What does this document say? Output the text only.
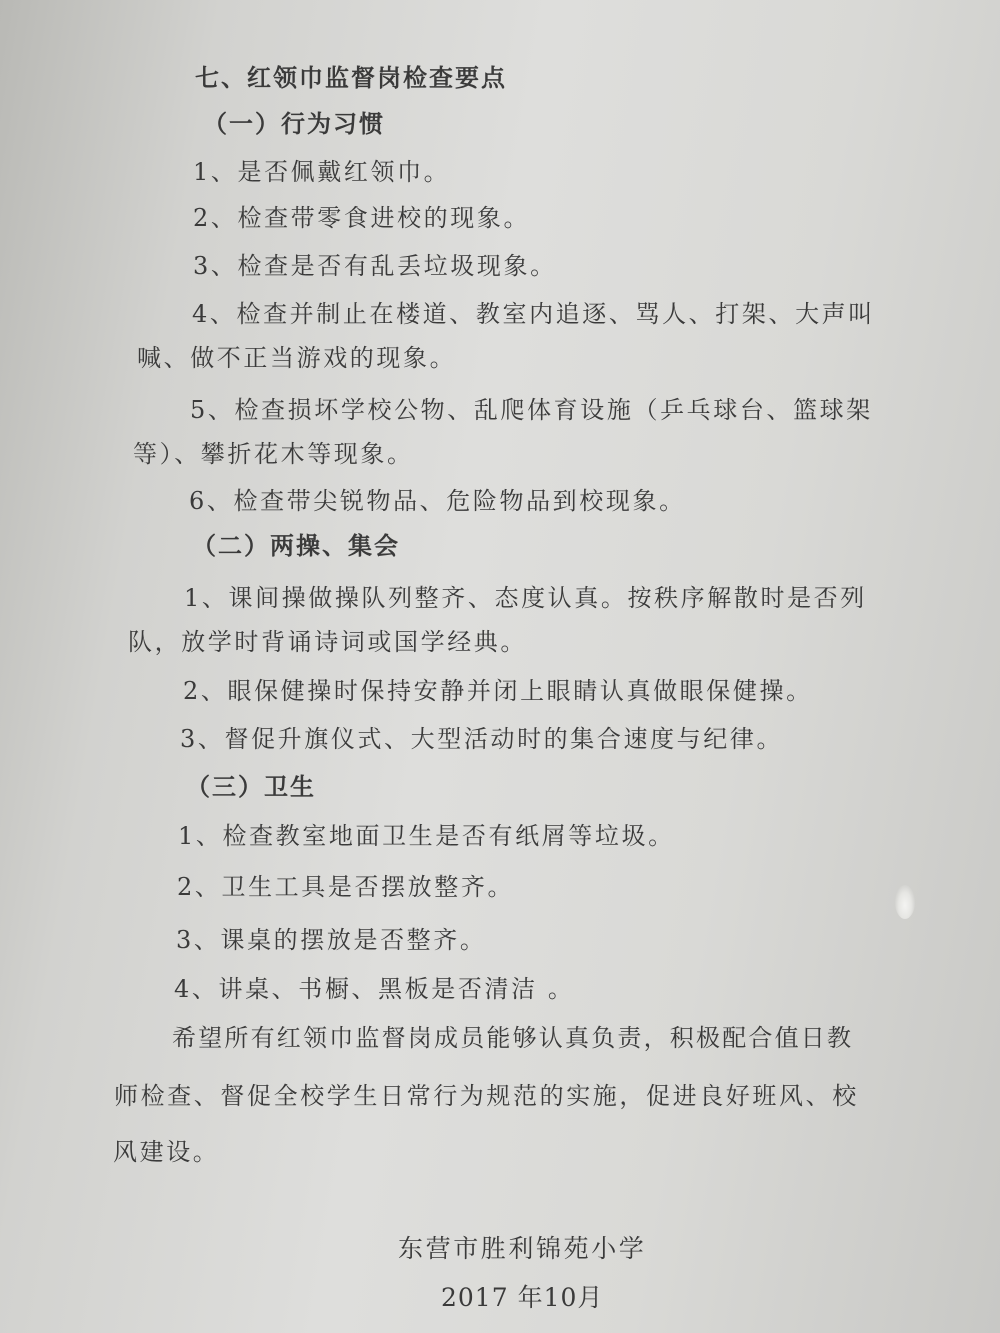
七、红领巾监督岗检查要点
（一）行为习惯
1、是否佩戴红领巾。
2、检查带零食进校的现象。
3、检查是否有乱丢垃圾现象。
4、检查并制止在楼道、教室内追逐、骂人、打架、大声叫
喊、做不正当游戏的现象。
5、检查损坏学校公物、乱爬体育设施（乒乓球台、篮球架
等）、攀折花木等现象。
6、检查带尖锐物品、危险物品到校现象。
（二）两操、集会
1、课间操做操队列整齐、态度认真。按秩序解散时是否列
队，放学时背诵诗词或国学经典。
2、眼保健操时保持安静并闭上眼睛认真做眼保健操。
3、督促升旗仪式、大型活动时的集合速度与纪律。
（三）卫生
1、检查教室地面卫生是否有纸屑等垃圾。
2、卫生工具是否摆放整齐。
3、课桌的摆放是否整齐。
4、讲桌、书橱、黑板是否清洁 。
希望所有红领巾监督岗成员能够认真负责，积极配合值日教
师检查、督促全校学生日常行为规范的实施，促进良好班风、校
风建设。
东营市胜利锦苑小学
2017 年10月
